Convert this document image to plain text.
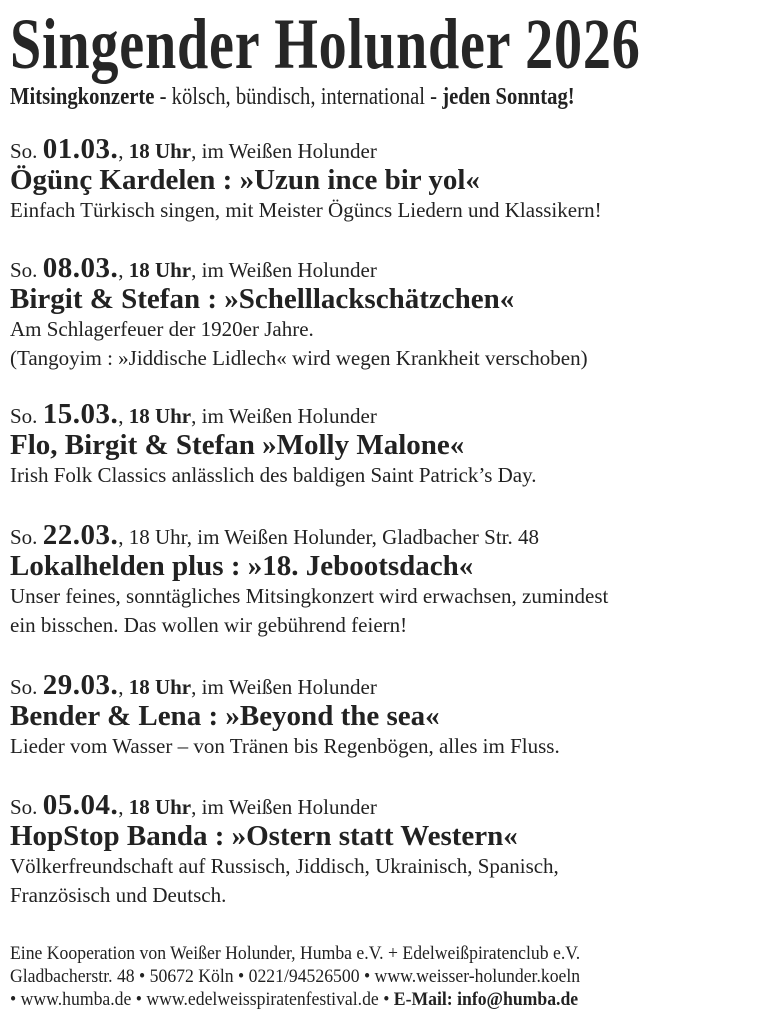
Singender Holunder 2026
Mitsingkonzerte - kölsch, bündisch, international - jeden Sonntag!
So. 01.03., 18 Uhr, im Weißen Holunder
Ögünç Kardelen : »Uzun ince bir yol«
Einfach Türkisch singen, mit Meister Ögüncs Liedern und Klassikern!
So. 08.03., 18 Uhr, im Weißen Holunder
Birgit & Stefan : »Schelllackschätzchen«
Am Schlagerfeuer der 1920er Jahre.
(Tangoyim : »Jiddische Lidlech« wird wegen Krankheit verschoben)
So. 15.03., 18 Uhr, im Weißen Holunder
Flo, Birgit & Stefan »Molly Malone«
Irish Folk Classics anlässlich des baldigen Saint Patrick’s Day.
So. 22.03., 18 Uhr, im Weißen Holunder, Gladbacher Str. 48
Lokalhelden plus : »18. Jebootsdach«
Unser feines, sonntägliches Mitsingkonzert wird erwachsen, zumindest
ein bisschen. Das wollen wir gebührend feiern!
So. 29.03., 18 Uhr, im Weißen Holunder
Bender & Lena : »Beyond the sea«
Lieder vom Wasser – von Tränen bis Regenbögen, alles im Fluss.
So. 05.04., 18 Uhr, im Weißen Holunder
HopStop Banda : »Ostern statt Western«
Völkerfreundschaft auf Russisch, Jiddisch, Ukrainisch, Spanisch,
Französisch und Deutsch.
Eine Kooperation von Weißer Holunder, Humba e.V. + Edelweißpiratenclub e.V.
Gladbacherstr. 48 • 50672 Köln • 0221/94526500 • www.weisser-holunder.koeln
• www.humba.de • www.edelweisspiratenfestival.de • E-Mail: info@humba.de
